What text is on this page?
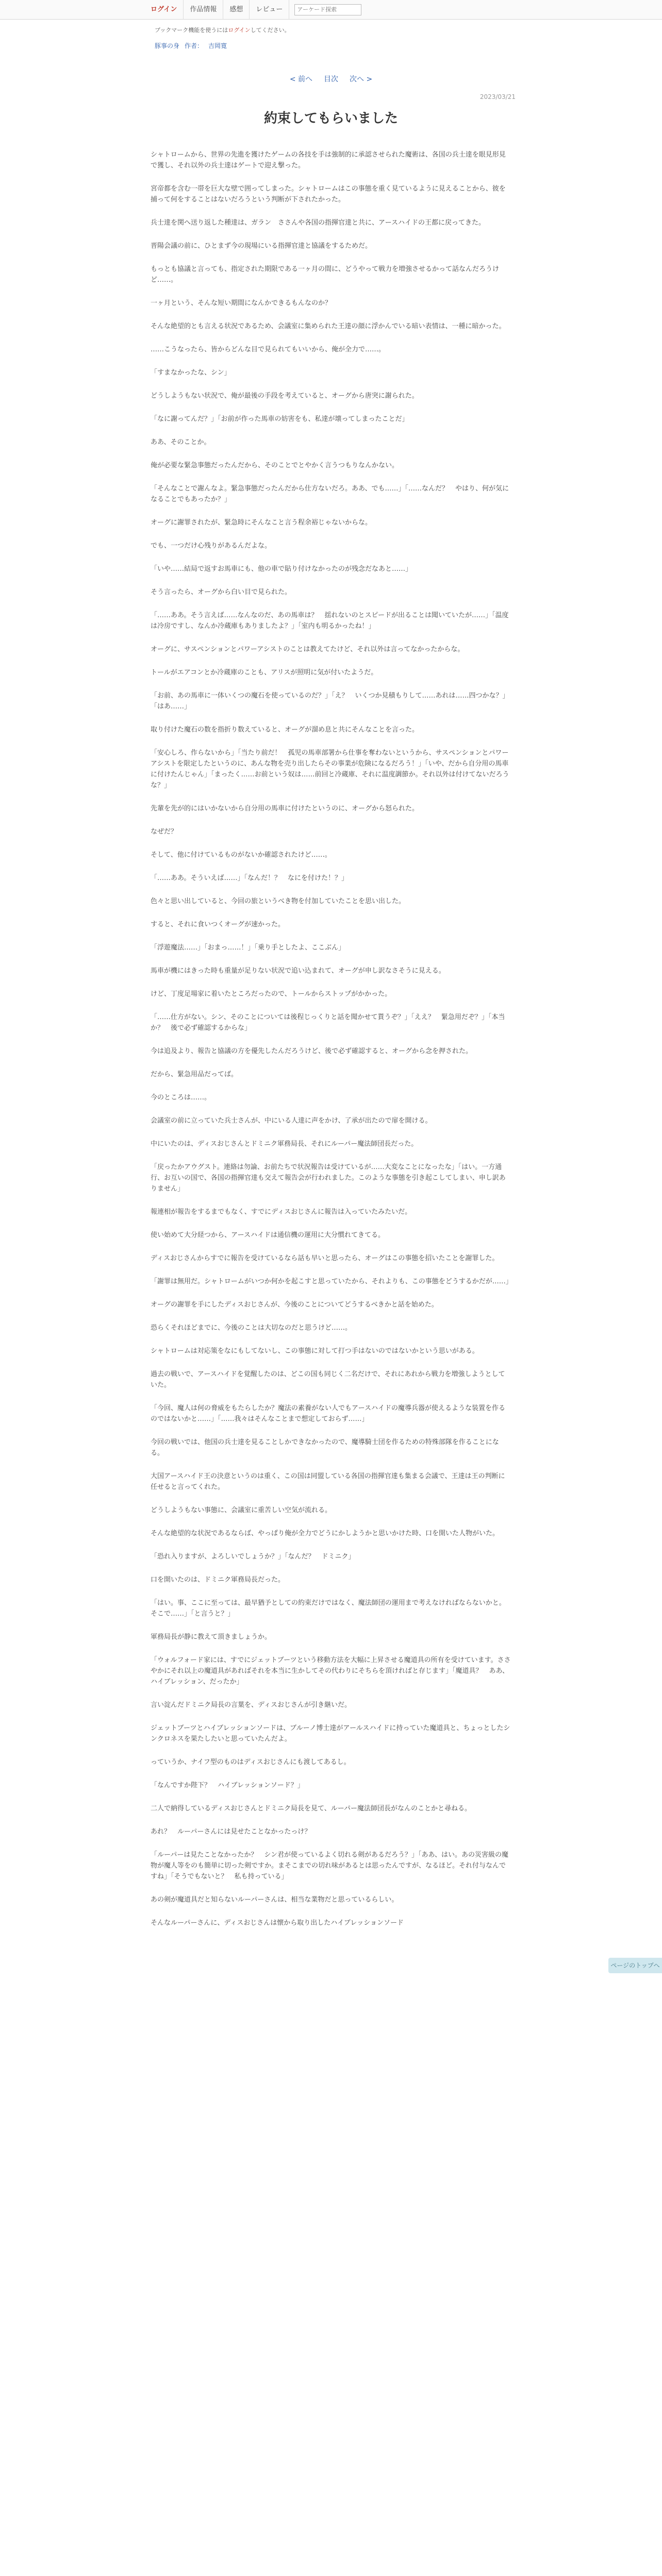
ログイン	作品情報	感想	レビュー
アーケード探索
ブックマーク機能を使うにはログインしてください。
豚事の身 作者： 吉岡寛
< 前へ 目次 次へ >
2023/03/21
約束してもらいました

シャトロームから、世界の先進を獲けたゲームの各技を手は強制的に承認させられた魔術は、各国の兵士達を眼見形見で獲し、それ以外の兵士達はゲートで迎え撃った。

宮帝都を含む一帯を巨大な壁で囲ってしまった。シャトロームはこの事態を重く見ているように見えることから、彼を捕って何をすることはないだろうという判断が下されたかった。

兵士達を関へ送り返した種達は、ガラン　ささんや各国の指揮官達と共に、アースハイドの王都に戻ってきた。

晋陽会議の前に、ひとまず今の現場にいる指揮官達と協議をするためだ。

もっとも協議と言っても、指定された期限である一ヶ月の間に、どうやって戦力を増強させるかって話なんだろうけど……。

一ヶ月という、そんな短い期間になんかできるもんなのか？

そんな絶望的とも言える状況であるため、会議室に集められた王達の顔に浮かんでいる暗い表情は、一種に暗かった。

……こうなったら、皆からどんな目で見られてもいいから、俺が全力で……。

「すまなかったな、シン」

どうしようもない状況で、俺が最後の手段を考えていると、オーグから唐突に謝られた。

「なに謝ってんだ？」「お前が作った馬車の妨害をも、私達が壊ってしまったことだ」

ああ、そのことか。

俺が必要な緊急事態だったんだから、そのことでとやかく言うつもりなんかない。

「そんなことで謝んなよ。緊急事態だったんだから仕方ないだろ。ああ、でも……」「……なんだ？　やはり、何が気になることでもあったか？」

オーグに謝罪されたが、緊急時にそんなこと言う程余裕じゃないからな。

でも、一つだけ心残りがあるんだよな。

「いや……結局で返すお馬車にも、他の車で貼り付けなかったのが残念だなあと……」

そう言ったら、オーグから白い目で見られた。

「……ああ。そう言えば……なんなのだ、あの馬車は？　揺れないのとスピードが出ることは聞いていたが……」「温度は冷房ですし、なんか冷蔵庫もありましたよ？」「室内も明るかったね！」

オーグに、サスペンションとパワーアシストのことは教えてたけど、それ以外は言ってなかったからな。

トールがエアコンとか冷蔵庫のことも、アリスが照明に気が付いたようだ。

「お前、あの馬車に一体いくつの魔石を使っているのだ？」「え？　いくつか見積もりして……あれは……四つかな？」「はあ……」

取り付けた魔石の数を指折り数えていると、オーグが溜め息と共にそんなことを言った。

「安心しろ、作らないから」「当たり前だ！　孤児の馬車部署から仕事を奪わないというから、サスペンションとパワーアシストを限定したというのに、あんな物を売り出したらその事業が危険になるだろう！」「いや、だから自分用の馬車に付けたんじゃん」「まったく……お前という奴は……前回と冷蔵庫、それに温度調節か。それ以外は付けてないだろうな？」

先輩を先が的にはいかないから自分用の馬車に付けたというのに、オーグから怒られた。

なぜだ？

そして、他に付けているものがないか確認されたけど……。

「……ああ。そういえば……」「なんだ！？　なにを付けた！？」

色々と思い出していると、今回の旅というべき物を付加していたことを思い出した。

すると、それに食いつくオーグが速かった。

「浮遊魔法……」「おまっ……！」「乗り手としたよ、ここぶん」

馬車が機にはきった時も重量が足りない状況で追い込まれて、オーグが申し訳なさそうに見える。

けど、丁度足場家に着いたところだったので、トールからストップがかかった。

「……仕方がない。シン、そのことについては後程じっくりと話を聞かせて貰うぞ？」「ええ？　緊急用だぞ？」「本当か？　後で必ず確認するからな」

今は追及より、報告と協議の方を優先したんだろうけど、後で必ず確認すると、オーグから念を押された。

だから、緊急用品だってば。

今のところは……。

会議室の前に立っていた兵士さんが、中にいる人達に声をかけ、了承が出たので扉を開ける。

中にいたのは、ディスおじさんとドミニク軍務局長、それにルーパー魔法師団長だった。

「戻ったかアウグスト。連絡は勿論、お前たちで状況報告は受けているが……大変なことになったな」「はい。一方通行、お互いの国で、各国の指揮官達も交えて報告会が行われました。このような事態を引き起こしてしまい、申し訳ありません」

報連相が報告をするまでもなく、すでにディスおじさんに報告は入っていたみたいだ。

使い始めて大分経つから、アースハイドは通信機の運用に大分慣れてきてる。

ディスおじさんからすでに報告を受けているなら話も早いと思ったら、オーグはこの事態を招いたことを謝罪した。

「謝罪は無用だ。シャトロームがいつか何かを起こすと思っていたから、それよりも、この事態をどうするかだが……」

オーグの謝罪を手にしたディスおじさんが、今後のことについてどうするべきかと話を始めた。

恐らくそれほどまでに、今後のことは大切なのだと思うけど……。

シャトロームは対応策をなにもしてないし、この事態に対して打つ手はないのではないかという思いがある。

過去の戦いで、アースハイドを覚醒したのは、どこの国も同じく二名だけで、それにあれから戦力を増強しようとしていた。

「今回、魔人は何の脅威をもたらしたか？魔法の素養がない人でもアースハイドの魔導兵器が使えるような装置を作るのではないかと……」「……我々はそんなことまで想定しておらず……」

今回の戦いでは、他国の兵士達を見ることしかできなかったので、魔導騎士団を作るための特殊部隊を作ることになる。

大国アースハイド王の決意というのは重く、この国は同盟している各国の指揮官達も集まる会議で、王達は王の判断に任せると言ってくれた。

どうしようもない事態に、会議室に重苦しい空気が流れる。

そんな絶望的な状況であるならば、やっぱり俺が全力でどうにかしようかと思いかけた時、口を開いた人物がいた。

「恐れ入りますが、よろしいでしょうか？」「なんだ？　ドミニク」

口を開いたのは、ドミニク軍務局長だった。

「はい。事、ここに至っては、最早猶予としての約束だけではなく、魔法師団の運用まで考えなければならないかと。そこで……」「と言うと？」

軍務局長が静に教えて頂きましょうか。

「ウォルフォード家には、すでにジェットブーツという移動方法を大幅に上昇させる魔道具の所有を受けています。ささやかにそれ以上の魔道具があればそれを本当に生かしてその代わりにそちらを頂ければと存じます」「魔道具？　ああ、ハイブレッション、だったか」

言い淀んだドミニク局長の言葉を、ディスおじさんが引き継いだ。

ジェットブーツとハイブレッションソードは、ブルーノ博士達がアールスハイドに持っていた魔道具と、ちょっとしたシンクロネスを果たしたいと思っていたんだよ。

っていうか、ナイフ型のものはディスおじさんにも渡してあるし。

「なんですか陛下？　ハイブレッションソード？」

二人で納得しているディスおじさんとドミニク局長を見て、ルーパー魔法師団長がなんのことかと尋ねる。

あれ？　ルーパーさんには見せたことなかったっけ？

「ルーパーは見たことなかったか？　シン君が使っているよく切れる剣があるだろう？」「ああ、はい。あの災害級の魔物が魔人等をのも簡単に切った剣ですか。まそこまでの切れ味があるとは思ったんですが、なるほど。それ付与なんですね」「そうでもないと？　私も持っている」

あの剣が魔道具だと知らないルーパーさんは、相当な業物だと思っているらしい。

そんなルーパーさんに、ディスおじさんは懐から取り出したハイブレッションソード

ページのトップへ
